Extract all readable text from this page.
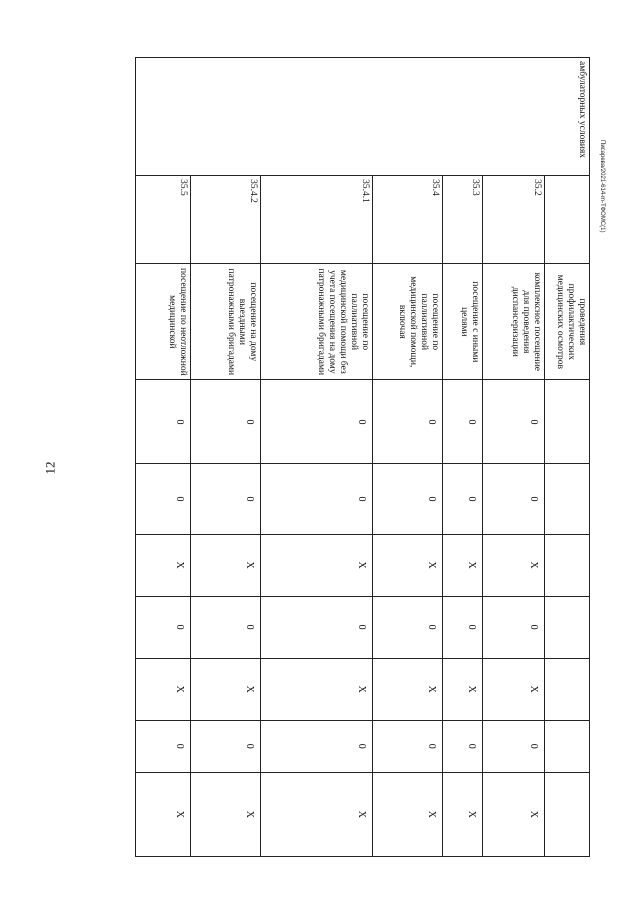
12
Писарева/2021-614-m-ТФОМС(1)
амбулаторных условиях		проведения профилактических медицинских осмотров							
	35.2	комплексное посещение для проведения диспансеризации	0	0	Х	0	Х	0	Х
	35.3	посещение с иными целями	0	0	Х	0	Х	0	Х
	35.4	посещение по паллиативной медицинской помощи, включая	0	0	Х	0	Х	0	Х
	35.4.1	посещение по паллиативной медицинской помощи без учета посещения на дому патронажными бригадами	0	0	Х	0	Х	0	Х
	35.4.2	посещение на дому выездными патронажными бригадами	0	0	Х	0	Х	0	Х
	35.5	посещение по неотложной медицинской	0	0	Х	0	Х	0	Х
